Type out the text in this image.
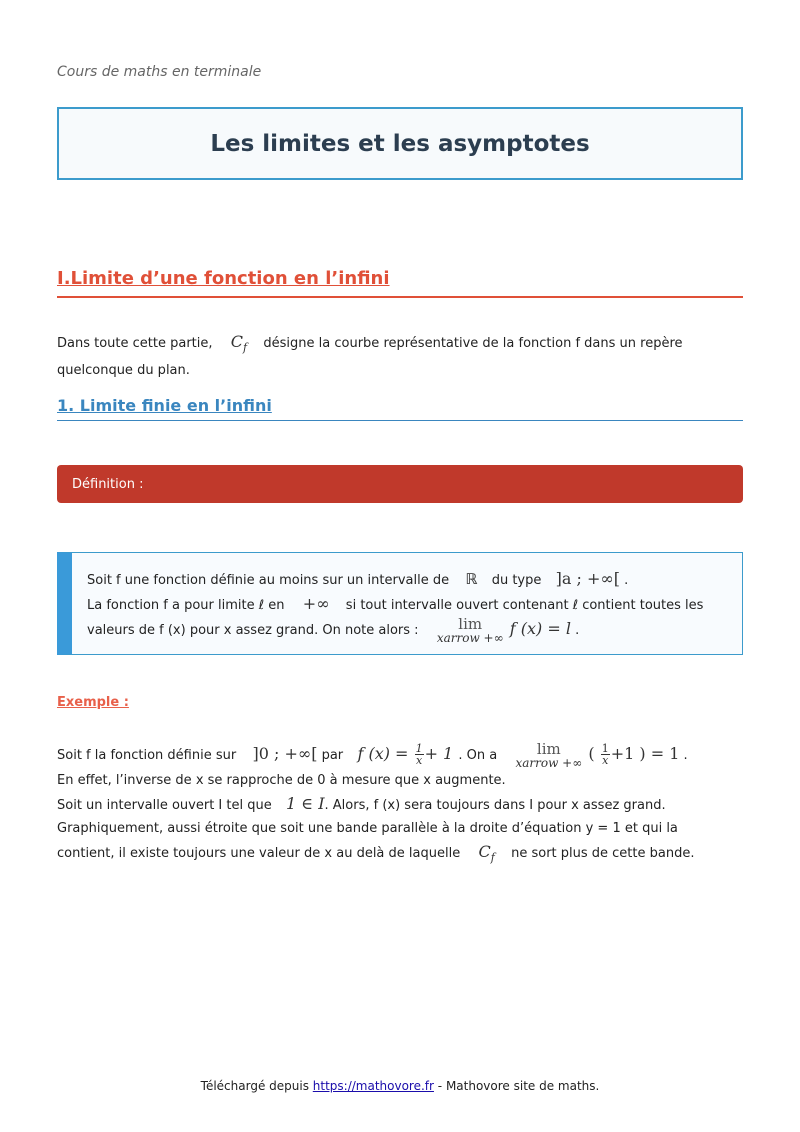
Cours de maths en terminale
Les limites et les asymptotes
I.Limite d’une fonction en l’infini
Dans toute cette partie, $C_f$ désigne la courbe représentative de la fonction f dans un repère
quelconque du plan.
1. Limite finie en l’infini
Définition :
Soit f une fonction définie au moins sur un intervalle de ℝ du type ]a ; +∞[ .
La fonction f a pour limite ℓ en +∞ si tout intervalle ouvert contenant ℓ contient toutes les
valeurs de f (x) pour x assez grand. On note alors :	lim
xarrow +∞ f (x) = l .
Exemple :
Soit f la fonction définie sur ]0 ; +∞[ par f $(x) = \frac{1}{x} + 1$ . On a	lim
xarrow +∞ ( $\frac{1}{x} +1$ ) = 1 .
En effet, l’inverse de x se rapproche de 0 à mesure que x augmente.
Soit un intervalle ouvert I tel que 1 ∈ I. Alors, f (x) sera toujours dans I pour x assez grand.
Graphiquement, aussi étroite que soit une bande parallèle à la droite d’équation y = 1 et qui la
contient, il existe toujours une valeur de x au delà de laquelle $C_f$ ne sort plus de cette bande.
Téléchargé depuis https://mathovore.fr - Mathovore site de maths.
